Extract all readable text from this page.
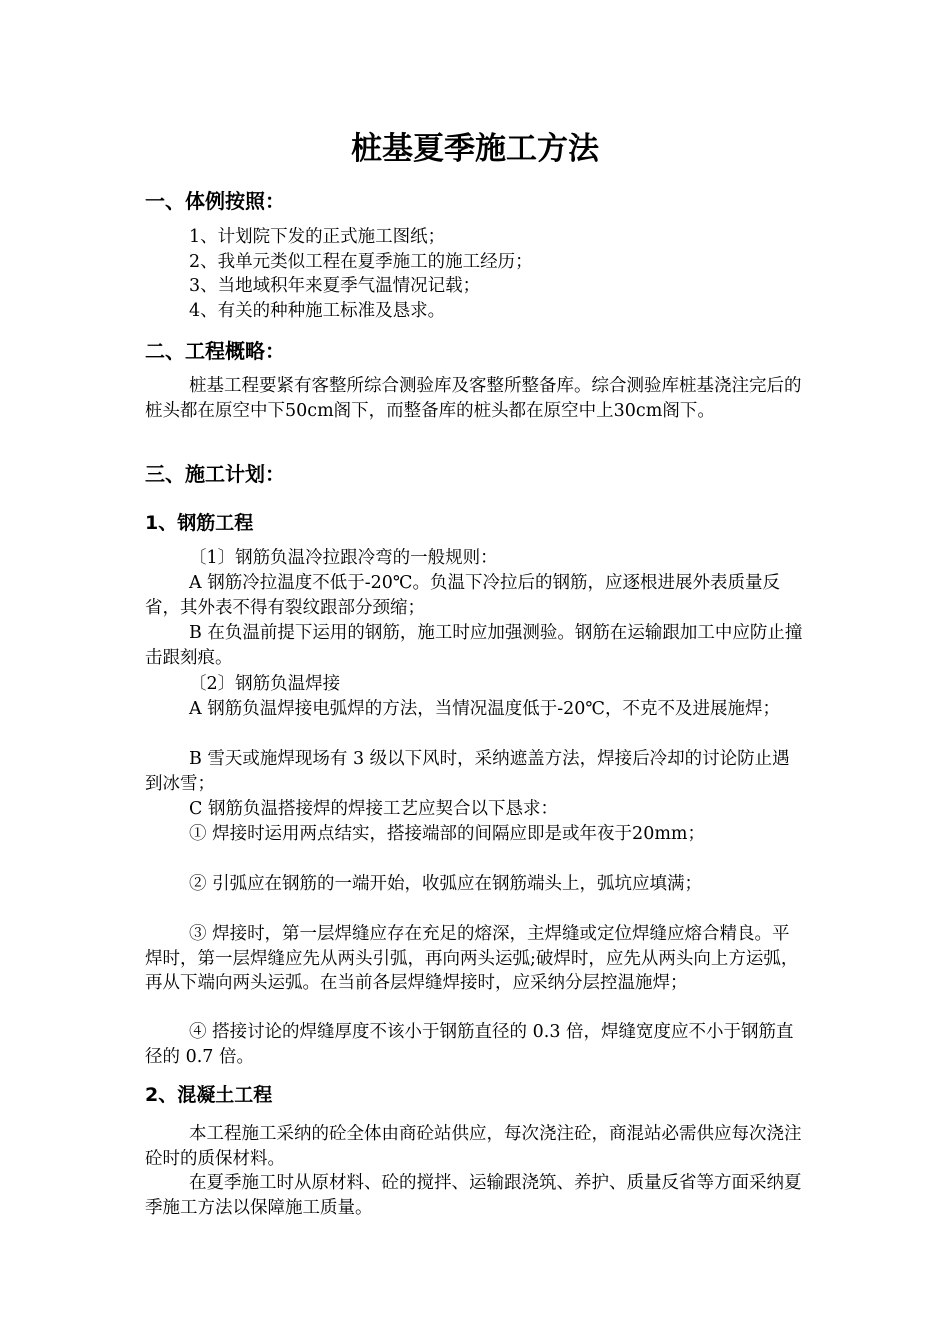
桩基夏季施工方法
一、体例按照：
1、计划院下发的正式施工图纸；
2、我单元类似工程在夏季施工的施工经历；
3、当地域积年来夏季气温情况记载；
4、有关的种种施工标准及恳求。
二、工程概略：

桩基工程要紧有客整所综合测验库及客整所整备库。综合测验库桩基浇注完后的桩头都在原空中下50cm阁下，而整备库的桩头都在原空中上30cm阁下。

三、施工计划：
1、钢筋工程

〔1〕钢筋负温冷拉跟冷弯的一般规则：

A 钢筋冷拉温度不低于-20℃。负温下冷拉后的钢筋，应逐根进展外表质量反省，其外表不得有裂纹跟部分颈缩；

B 在负温前提下运用的钢筋，施工时应加强测验。钢筋在运输跟加工中应防止撞击跟刻痕。

〔2〕钢筋负温焊接

A 钢筋负温焊接电弧焊的方法，当情况温度低于-20℃，不克不及进展施焊；

B 雪天或施焊现场有 3 级以下风时，采纳遮盖方法，焊接后冷却的讨论防止遇到冰雪；

C 钢筋负温搭接焊的焊接工艺应契合以下恳求：

① 焊接时运用两点结实，搭接端部的间隔应即是或年夜于20mm；

② 引弧应在钢筋的一端开始，收弧应在钢筋端头上，弧坑应填满；

③ 焊接时，第一层焊缝应存在充足的熔深，主焊缝或定位焊缝应熔合精良。平焊时，第一层焊缝应先从两头引弧，再向两头运弧;破焊时，应先从两头向上方运弧，再从下端向两头运弧。在当前各层焊缝焊接时，应采纳分层控温施焊；

④ 搭接讨论的焊缝厚度不该小于钢筋直径的 0.3 倍，焊缝宽度应不小于钢筋直径的 0.7 倍。

2、混凝土工程

本工程施工采纳的砼全体由商砼站供应，每次浇注砼，商混站必需供应每次浇注砼时的质保材料。

在夏季施工时从原材料、砼的搅拌、运输跟浇筑、养护、质量反省等方面采纳夏季施工方法以保障施工质量。
